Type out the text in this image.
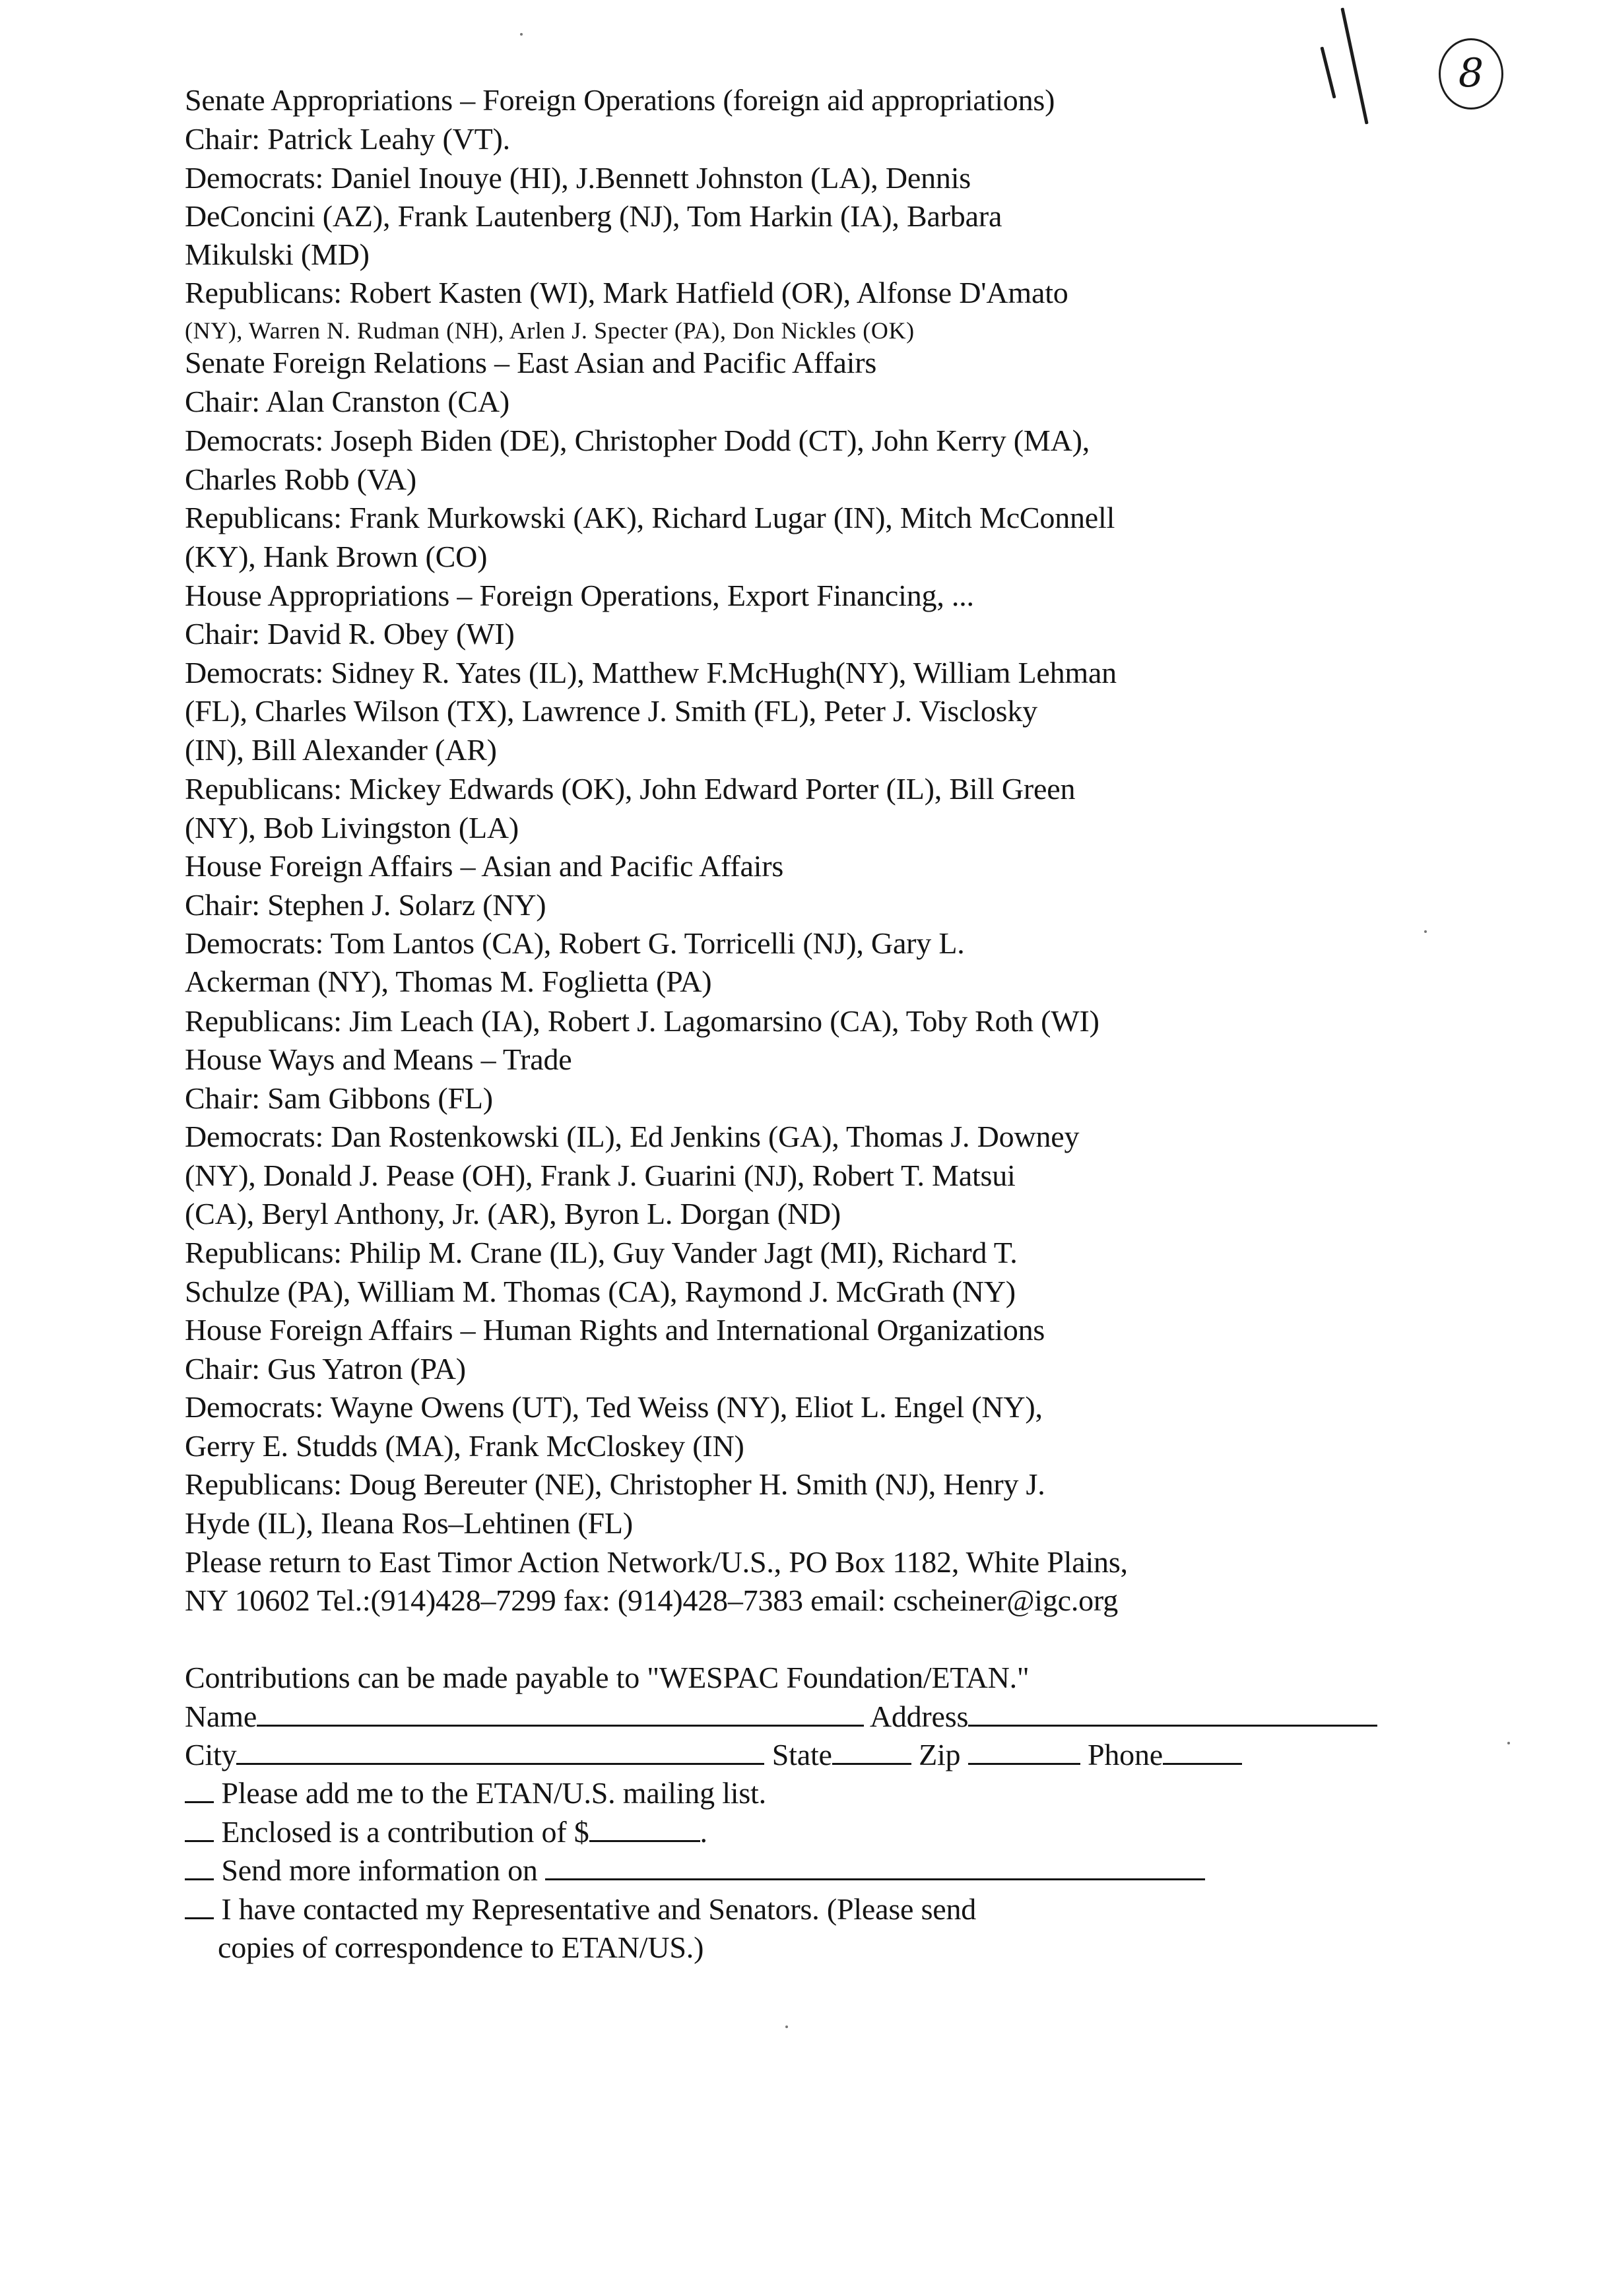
8
Senate Appropriations – Foreign Operations (foreign aid appropriations)
Chair: Patrick Leahy (VT).
Democrats: Daniel Inouye (HI), J.Bennett Johnston (LA), Dennis
DeConcini (AZ), Frank Lautenberg (NJ), Tom Harkin (IA), Barbara
Mikulski (MD)
Republicans: Robert Kasten (WI), Mark Hatfield (OR), Alfonse D'Amato
(NY), Warren N. Rudman (NH), Arlen J. Specter (PA), Don Nickles (OK)
Senate Foreign Relations – East Asian and Pacific Affairs
Chair: Alan Cranston (CA)
Democrats: Joseph Biden (DE), Christopher Dodd (CT), John Kerry (MA),
Charles Robb (VA)
Republicans: Frank Murkowski (AK), Richard Lugar (IN), Mitch McConnell
(KY), Hank Brown (CO)
House Appropriations – Foreign Operations, Export Financing, ...
Chair: David R. Obey (WI)
Democrats: Sidney R. Yates (IL), Matthew F.McHugh(NY), William Lehman
(FL), Charles Wilson (TX), Lawrence J. Smith (FL), Peter J. Visclosky
(IN), Bill Alexander (AR)
Republicans: Mickey Edwards (OK), John Edward Porter (IL), Bill Green
(NY), Bob Livingston (LA)
House Foreign Affairs – Asian and Pacific Affairs
Chair: Stephen J. Solarz (NY)
Democrats: Tom Lantos (CA), Robert G. Torricelli (NJ), Gary L.
Ackerman (NY), Thomas M. Foglietta (PA)
Republicans: Jim Leach (IA), Robert J. Lagomarsino (CA), Toby Roth (WI)
House Ways and Means – Trade
Chair: Sam Gibbons (FL)
Democrats: Dan Rostenkowski (IL), Ed Jenkins (GA), Thomas J. Downey
(NY), Donald J. Pease (OH), Frank J. Guarini (NJ), Robert T. Matsui
(CA), Beryl Anthony, Jr. (AR), Byron L. Dorgan (ND)
Republicans: Philip M. Crane (IL), Guy Vander Jagt (MI), Richard T.
Schulze (PA), William M. Thomas (CA), Raymond J. McGrath (NY)
House Foreign Affairs – Human Rights and International Organizations
Chair: Gus Yatron (PA)
Democrats: Wayne Owens (UT), Ted Weiss (NY), Eliot L. Engel (NY),
Gerry E. Studds (MA), Frank McCloskey (IN)
Republicans: Doug Bereuter (NE), Christopher H. Smith (NJ), Henry J.
Hyde (IL), Ileana Ros–Lehtinen (FL)
Please return to East Timor Action Network/U.S., PO Box 1182, White Plains,
NY 10602 Tel.:(914)428–7299 fax: (914)428–7383 email: cscheiner@igc.org
Contributions can be made payable to "WESPAC Foundation/ETAN."
Name	Address
City	State	Zip	Phone
Please add me to the ETAN/U.S. mailing list.
Enclosed is a contribution of $	.
Send more information on
I have contacted my Representative and Senators. (Please send
copies of correspondence to ETAN/US.)
